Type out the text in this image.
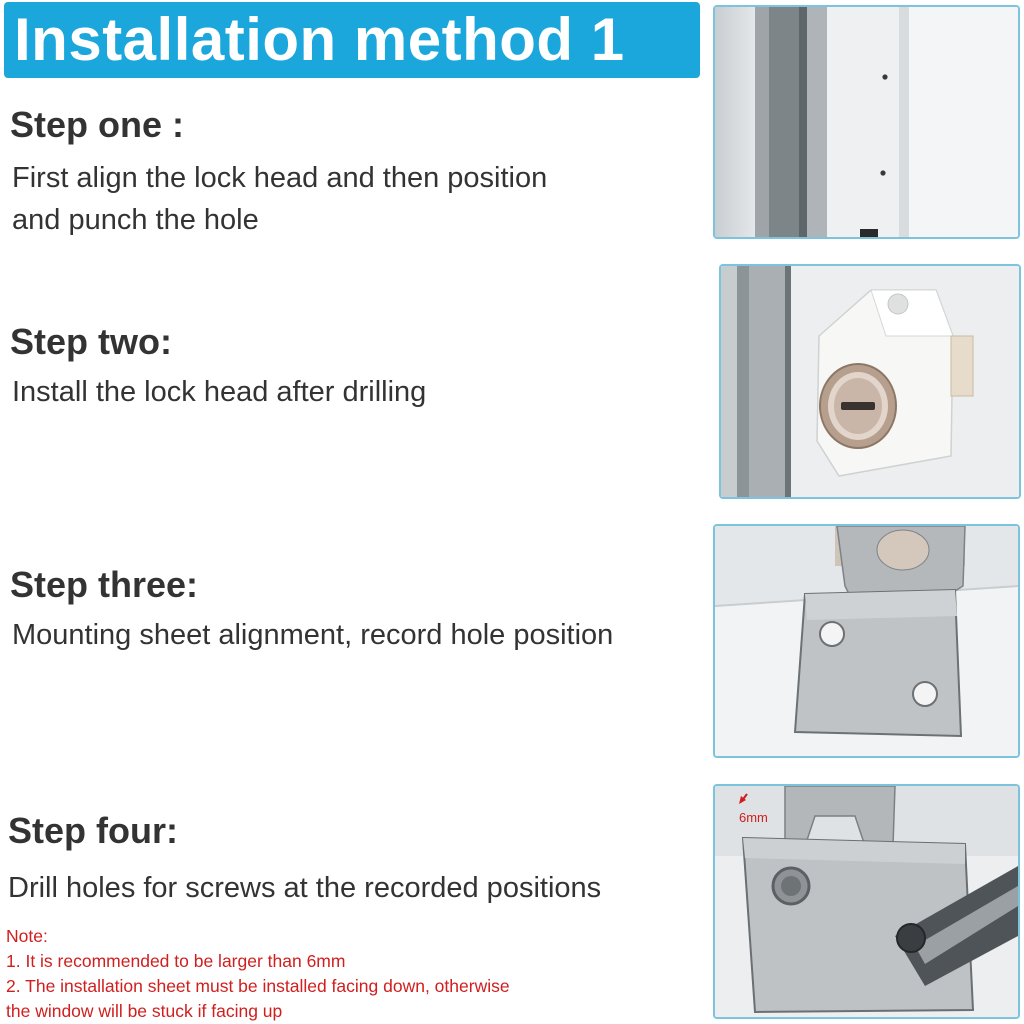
Installation method 1
Step one :
First align the lock head and then position
and punch the hole
Step two:
Install the lock head after drilling
Step three:
Mounting sheet alignment, record hole position
Step four:
Drill holes for screws at the recorded positions
Note:
1. It is recommended to be larger than 6mm
2. The installation sheet must be installed facing down, otherwise
the window will be stuck if facing up
6mm
